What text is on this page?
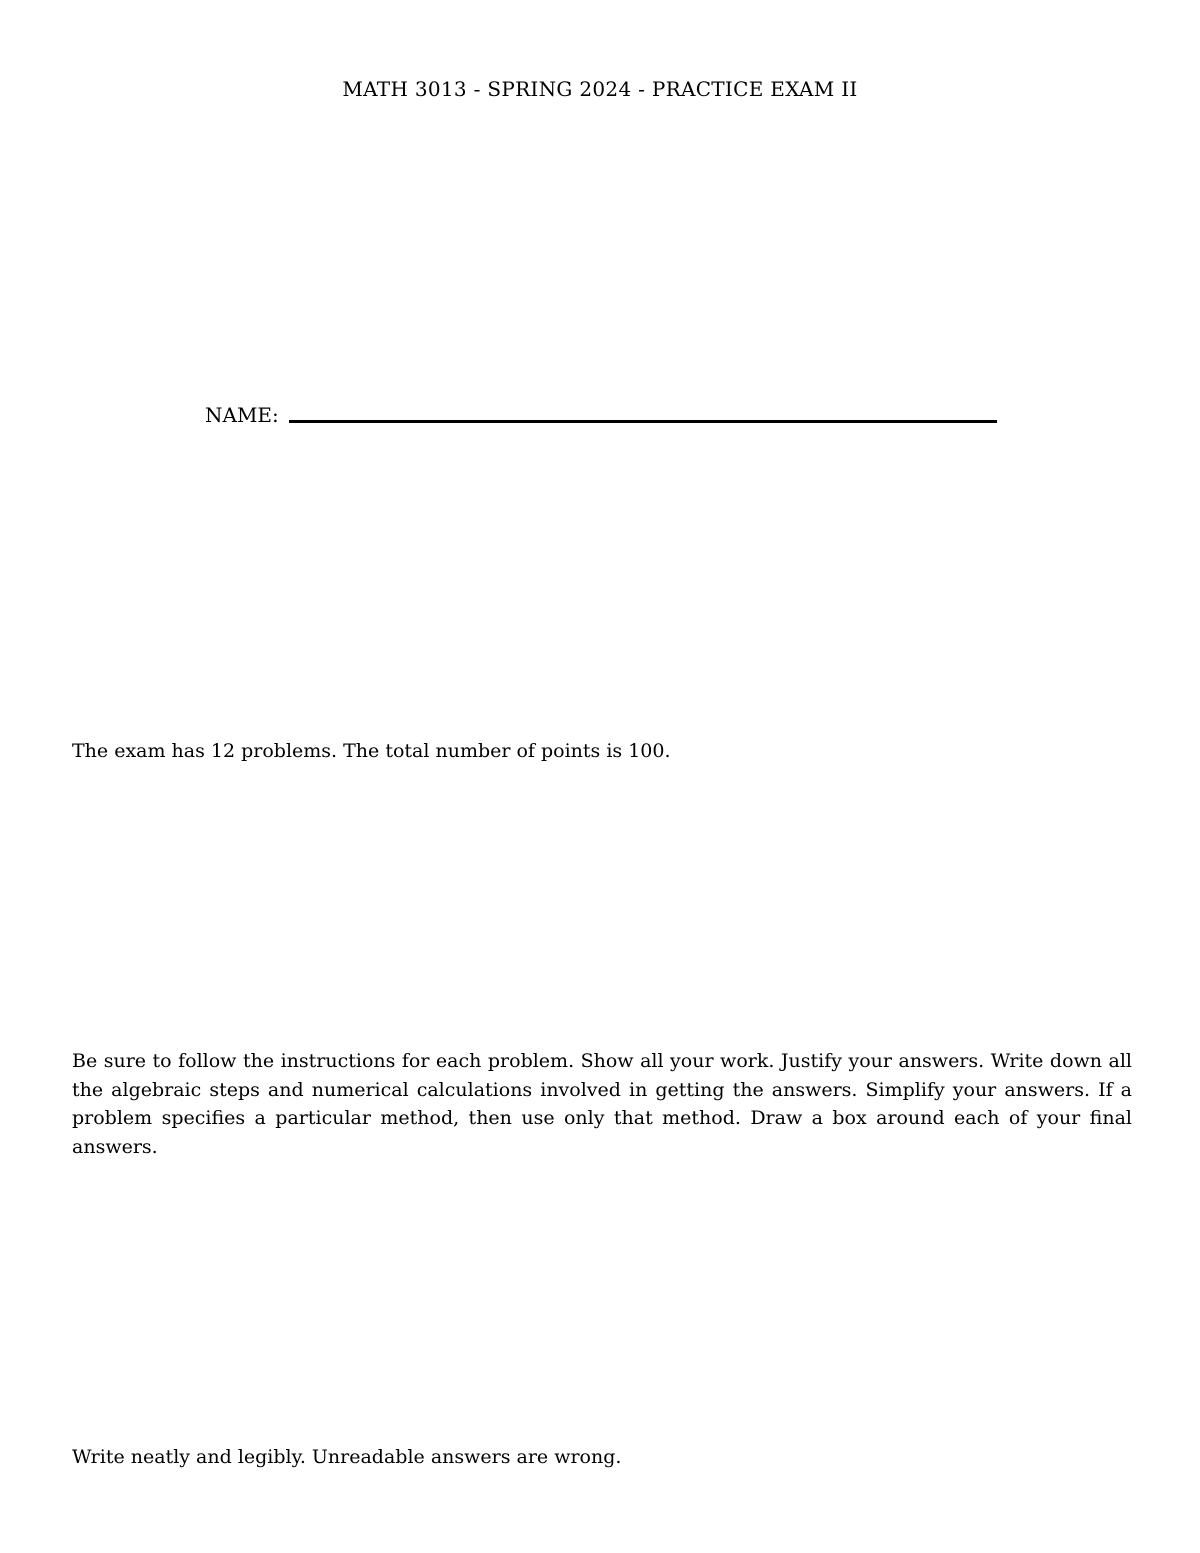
MATH 3013 - SPRING 2024 - PRACTICE EXAM II
NAME:
The exam has 12 problems. The total number of points is 100.
Be sure to follow the instructions for each problem. Show all your work. Justify your answers. Write down all the algebraic steps and numerical calculations involved in getting the answers. Simplify your answers. If a problem specifies a particular method, then use only that method. Draw a box around each of your final answers.
Write neatly and legibly. Unreadable answers are wrong.
